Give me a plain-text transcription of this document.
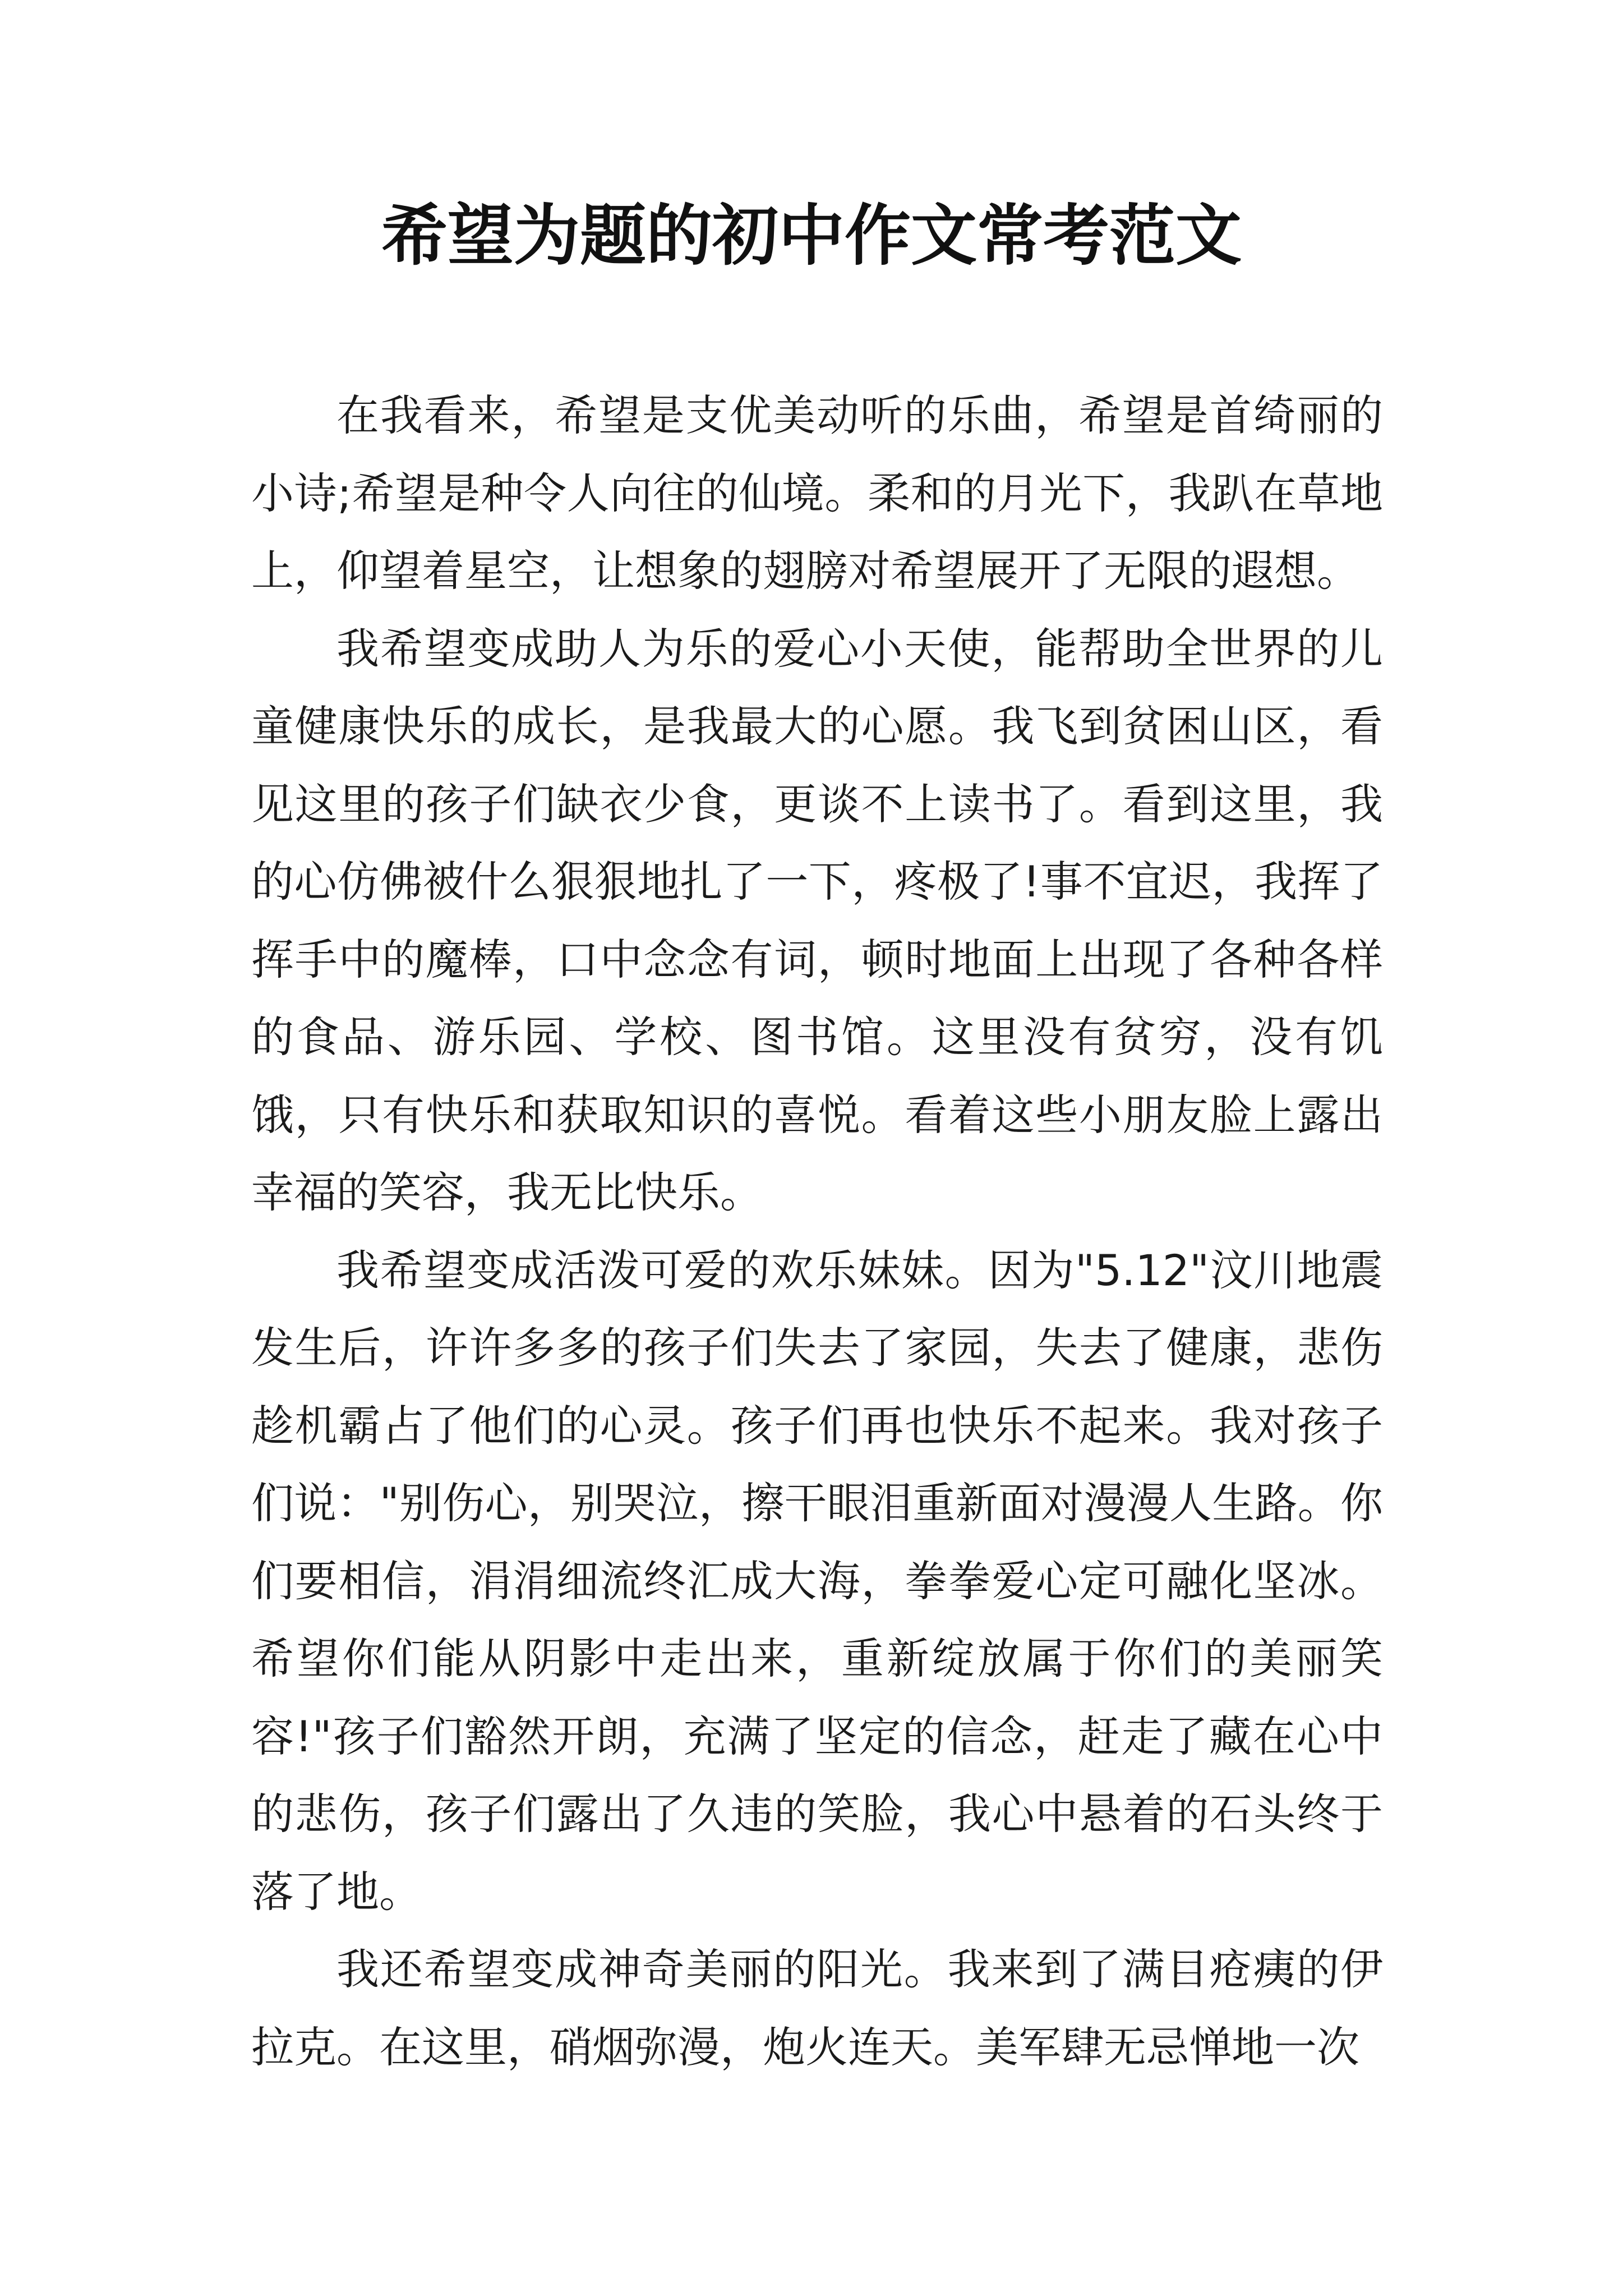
希望为题的初中作文常考范文

在我看来，希望是支优美动听的乐曲，希望是首绮丽的小诗;希望是种令人向往的仙境。柔和的月光下，我趴在草地上，仰望着星空，让想象的翅膀对希望展开了无限的遐想。

我希望变成助人为乐的爱心小天使，能帮助全世界的儿童健康快乐的成长，是我最大的心愿。我飞到贫困山区，看见这里的孩子们缺衣少食，更谈不上读书了。看到这里，我的心仿佛被什么狠狠地扎了一下，疼极了!事不宜迟，我挥了挥手中的魔棒，口中念念有词，顿时地面上出现了各种各样的食品、游乐园、学校、图书馆。这里没有贫穷，没有饥饿，只有快乐和获取知识的喜悦。看着这些小朋友脸上露出幸福的笑容，我无比快乐。

我希望变成活泼可爱的欢乐妹妹。因为"5.12"汶川地震发生后，许许多多的孩子们失去了家园，失去了健康，悲伤趁机霸占了他们的心灵。孩子们再也快乐不起来。我对孩子们说："别伤心，别哭泣，擦干眼泪重新面对漫漫人生路。你们要相信，涓涓细流终汇成大海，拳拳爱心定可融化坚冰。希望你们能从阴影中走出来，重新绽放属于你们的美丽笑容!"孩子们豁然开朗，充满了坚定的信念，赶走了藏在心中的悲伤，孩子们露出了久违的笑脸，我心中悬着的石头终于落了地。

我还希望变成神奇美丽的阳光。我来到了满目疮痍的伊拉克。在这里，硝烟弥漫，炮火连天。美军肆无忌惮地一次
